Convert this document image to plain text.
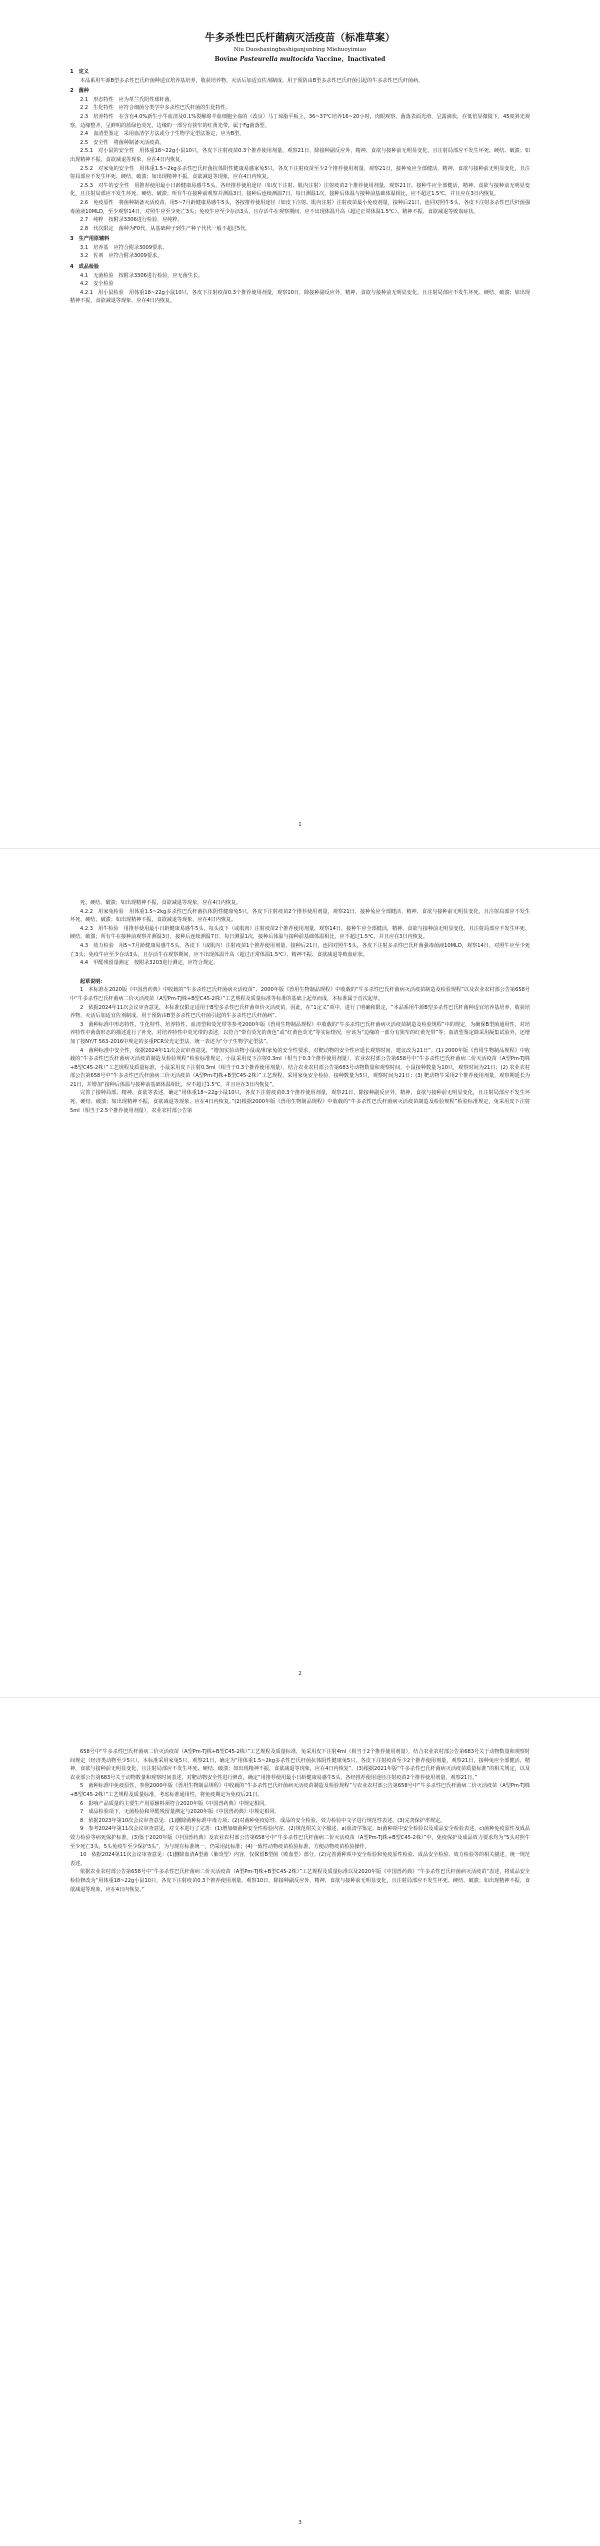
牛多杀性巴氏杆菌病灭活疫苗（标准草案）
Niu Duoshaxingbashiganjunbing Miehuoyimiao
Bovine Pasteurella multocida Vaccine，Inactivated
1　定义
本品系用牛源B型多杀性巴氏杆菌种适宜培养基培养，收获培养物，灭活后加适宜佐剂制成。用于预防由B型多杀性巴氏杆菌引起的牛多杀性巴氏杆菌病。
2　菌种
2.1　形态特性　应为革兰氏阴性球杆菌。
2.2　生化特性　应符合细菌分类学中多杀性巴氏杆菌的生化特性。
2.3　培养特性　在含有4.0%新生小牛血清及0.1%裂解绵羊血细胞全血的（改良）马丁琼脂平板上，36~37℃培养16~20小时，肉眼观察，菌落表面光滑，呈露滴状，在低倍显微镜下，45度斜光观察，边缘整齐，呈鲜明的蓝绿色荧光，边缘的一部分有狭窄的红黄光带，属于Fg菌落型。
2.4　血清型鉴定　采用血清学方法或分子生物学定型法鉴定，应为B型。
2.5　安全性　将菌种制备灭活疫苗。
2.5.1　对小鼠的安全性　用体重18~22g小鼠10只，各皮下注射疫苗0.3个推荐使用剂量，观察21日，除接种副反应外，精神、食欲与接种前无明显变化，且注射局部应不发生坏死、硬结、破溃；如出现精神不振，食欲减退等现象，应在4日内恢复。
2.5.2　对家兔的安全性　用体重1.5~2kg多杀性巴氏杆菌抗体阴性健康易感家兔5只，各皮下注射疫苗至少2个推荐使用剂量，观察21日，接种兔应全部健活，精神、食欲与接种前无明显变化，且注射局部应不发生坏死、硬结、破溃；如出现精神不振，食欲减退等现象，应在4日内恢复。
2.5.3　对牛的安全性　用推荐使用最小日龄健康易感牛5头，各经推荐使用途径（如皮下注射、肌内注射）注射疫苗2个推荐使用剂量，观察21日。接种牛应全部健活，精神、食欲与接种前无明显变化，且注射局部应不发生坏死、硬结、破溃；所有牛在接种前观察并测温3日，接种后连续测温7日，每日测温1次，接种后体温与接种前基础体温相比，应不超过1.5℃，并且应在3日内恢复。
2.6　免疫原性　将菌种制备灭活疫苗，用5~7月龄健康易感牛5头，各按推荐使用途径（如皮下注射、肌内注射）注射疫苗最小免疫剂量，接种后21日，连同对照牛5头，各皮下注射多杀性巴氏杆菌强毒菌液10MLD，至少观察14日，对照牛应至少死亡3头；免疫牛应至少存活3头，且存活牛在观察期间，应不出现体温升高（超过正常体温1.5℃）、精神不振、食欲减退等败血症状。
2.7　纯粹　按附录3306进行检验，应纯粹。
2.8　代次限定　菌种为F0代，从基础种子到生产种子代代一般不超过5代。
3　生产用原辅料
3.1　培养基　应符合附录3009要求。
3.2　佐剂　应符合附录3009要求。
4　成品检验
4.1　无菌检验　按附录3306进行检验，应无菌生长。
4.2　安全检验
4.2.1　用小鼠检验　用体重18~22g小鼠10只，各皮下注射疫苗0.3个推荐使用剂量，观察10日，除接种副反应外，精神、食欲与接种前无明显变化，且注射局部应不发生坏死、硬结、破溃；如出现精神不振，食欲减退等现象，应在4日内恢复。
1
死、硬结、破溃；如出现精神不振，食欲减退等现象，应在4日内恢复。
4.2.2　用家兔检验　用体重1.5~2kg多杀性巴氏杆菌抗体阴性健康兔5只，各皮下注射疫苗2个推荐使用剂量，观察21日，接种兔应全部健活，精神、食欲与接种前无明显变化，且注射局部应不发生坏死、硬结、破溃；如出现精神不振，食欲减退等现象，应在4日内恢复。
4.2.3　用牛检验　用推荐使用最小日龄健康易感牛5头，每头皮下（或肌肉）注射疫苗2个推荐使用剂量，观察14日，接种牛应全部健活，精神、食欲与接种前无明显变化，且注射局部应不发生坏死、硬结、破溃；所有牛在接种前观察并测温3日，接种后连续测温7日，每日测温1次，接种后体温与接种前基础体温相比，应不超过1.5℃，并且应在3日内恢复。
4.3　效力检验　用5~7月龄健康易感牛5头，各皮下（或肌内）注射疫苗1个推荐使用剂量，接种后21日，连同对照牛5头，各皮下注射多杀性巴氏杆菌强毒菌液10MLD，观察14日。对照牛应至少死亡3头；免疫牛应至少存活3头，且存活牛在观察期间，应不出现体温升高（超过正常体温1.5℃）、精神不振、食欲减退等败血症状。
4.4　甲醛残留量测定　按附录3203进行测定，应符合规定。
起草说明：
1　本标准在2020版《中国兽药典》中收载的“牛多杀性巴氏杆菌病灭活疫苗”、2000年版《兽用生物制品规程》中收载的“牛多杀性巴氏杆菌病灭活疫苗制造及检验规程”以及农业农村部公告第658号中“牛多杀性巴氏杆菌病二价灭活疫苗（A型Pm-TJ株+B型C45-2株）”工艺规程及质量标准等标准的基础上起草而成，本标准属于首次起草。
2　依据2024年11次会议审查意见，本标准仅限定适用于B型多杀性巴氏杆菌单价灭活疫苗，因此，在“1定义”项中，进行了明确和限定，“本品系用牛源B型多杀性巴氏杆菌种适宜培养基培养，收获培养物，灭活后加适宜佐剂制成。用于预防由B型多杀性巴氏杆菌引起的牛多杀性巴氏杆菌病”。
3　菌种标准中形态特性、生化特性、培养特性、血清型和荧光带等参考2000年版《兽用生物制品规程》中收载的“牛多杀性巴氏杆菌病灭活疫苗制造及检验规程”中的规定，为确保B型菌通用性，对培养特性中菌落形态的描述进行了补充，对培养特性中荧光带的表述，以符合“带有荧光的黄色”或“红黄色荧光”等实际情况，应该为“边缘的一部分有狭窄的红黄光带”等；血清型鉴定除采用凝集试验外，还增加了按NY/T 563-2016中规定的多重PCR荧光定型法，统一表述为“分子生物学定型法”。
4　菌种标准中安全性，依据2024年11次会议审查意见，“增加实验动物小鼠或/和家兔的安全性要求，对靶动物的安全性应延长观察时间，建议改为21日”。(1) 2000年版《兽用生物制品规程》中收载的“牛多杀性巴氏杆菌病灭活疫苗制造及检验规程”检验标准规定，小鼠采用皮下注射0.3ml（相当于0.3个推荐使用剂量），农业农村部公告第658号中“牛多杀性巴氏杆菌病二价灭活疫苗（A型Pm-TJ株+B型C45-2株）”工艺规程及质量标准，小鼠采用皮下注射0.3ml（相当于0.3个推荐使用剂量），结合农业农村部公告第683号动物数量和观察时间，小鼠接种数量为10只，观察时间为21日；(2) 农业农村部公告第658号中“牛多杀性巴氏杆菌病二价灭活疫苗（A型Pm-TJ株+B型C45-2株）”工艺规程，采用家兔安全检验，接种数量为5只，观察时间为21日；(3) 靶动物牛采用2个推荐使用剂量，观察期延长为21日，并增加“接种后体温与接种前基础体温相比，应不超过1.5℃，并且应在3日内恢复”。
完善了接种局部、精神、食欲等表述，确定“用体重18~22g小鼠10只，各皮下注射疫苗0.3个推荐使用剂量，观察21日，除接种副反应外，精神、食欲与接种前无明显变化，且注射局部应不发生坏死、硬结、破溃；如出现精神不振，食欲减退等现象，应在4日内恢复。”(2)根据2000年版《兽用生物制品规程》中收载的“牛多杀性巴氏杆菌病灭活疫苗制造及检验规程”检验标准规定，兔采用皮下注射5ml（相当于2.5个推荐使用剂量），农业农村部公告第
2
658号中“牛多杀性巴氏杆菌病二价灭活疫苗（A型Pm-TJ株+B型C45-2株）”工艺规程及质量标准，兔采用皮下注射4ml（相当于2个推荐使用剂量），结合农业农村部公告第683号关于动物数量和观察时间规定（经济类动物至少5只），本标准采用家兔5只，观察21日，确定为“用体重1.5~2kg多杀性巴氏杆菌抗体阴性健康兔5只，各皮下注射疫苗至少2个推荐使用剂量，观察21日，接种兔应全部健活，精神、食欲与接种前无明显变化，且注射局部应不发生坏死、硬结、破溃；如出现精神不振，食欲减退等现象，应在4日内恢复”。(3)根据2021年版“牛多杀性巴氏杆菌病灭活疫苗质量标准”的相关规定，以及农业部公告第683号关于动物数量和观察时间表述，对靶动物安全性进行修改，确定“用推荐使用最小日龄健康易感牛5头，各经推荐使用途径注射疫苗2个推荐使用剂量，观察21日。”
5　菌种标准中免疫原性，参照2000年版《兽用生物制品规程》中收载的“牛多杀性巴氏杆菌病灭活疫苗制造及检验规程”与农业农村部公告第658号中“牛多杀性巴氏杆菌病二价灭活疫苗（A型Pm-TJ株+B型C45-2株）”工艺规程及质量标准，考虑标准通用性，将免疫期定为免疫后21日。
6　影响产品质量的主要生产用原辅料须符合2020年版《中国兽药典》中规定相同。
7　成品检验项下，无菌检验和甲醛残留量测定与2020年版《中国兽药典》中规定相同。
8　依据2023年第10次会议审查意见：(1)删除菌种标准中毒力项；(2)对菌种免疫原性、成品的安全检验、效力检验中文字进行规范性表述。(3)完善保护率规定。
9　参考2024年第11次会议审查意见，对文本进行了完善：(1)增加细菌种安全性检验内容。(2)规范相关文字描述，a)血清学鉴定，b)菌种项中安全检验以及成品安全检验表述，c)菌种免疫原性及成品效力检验等病死保护标准。(3)鉴于2020年版《中国兽药典》及农业农村部公告第658号中“牛多杀性巴氏杆菌病二价灭活疫苗（A型Pm-TJ株+B型C45-2株）”中，免疫保护及成品效力要求均为“5头对照牛至少死亡3头，5头免疫牛至少保护3头”，为与现有标准统一，仍采用此标准；(4)一致性动物疫苗检验标准，方便动物疫苗检验操作。
10　依据2024第11次会议审查意见：(1)删除血清A型菌（肺炎型）内容，仅保留B型菌（败血型）部分。(2)完善菌种项中安全检验和免疫原性检验、成品安全检验、效力检验等的相关描述，统一规范表述。
依据农业农村部公告第658号中“牛多杀性巴氏杆菌病二价灭活疫苗（A型Pm-TJ株+B型C45-2株）”工艺规程及质量标准以及2020年版《中国兽药典》“牛多杀性巴氏杆菌病灭活疫苗”表述，将成品安全检验修改为“用体重18~22g小鼠10只，各皮下注射疫苗0.3个推荐使用剂量，观察10日，除接种副反应外，精神、食欲与接种前无明显变化，且注射局部应不发生坏死、硬结、破溃；如出现精神不振，食欲减退等现象，应在4日内恢复。”
3
